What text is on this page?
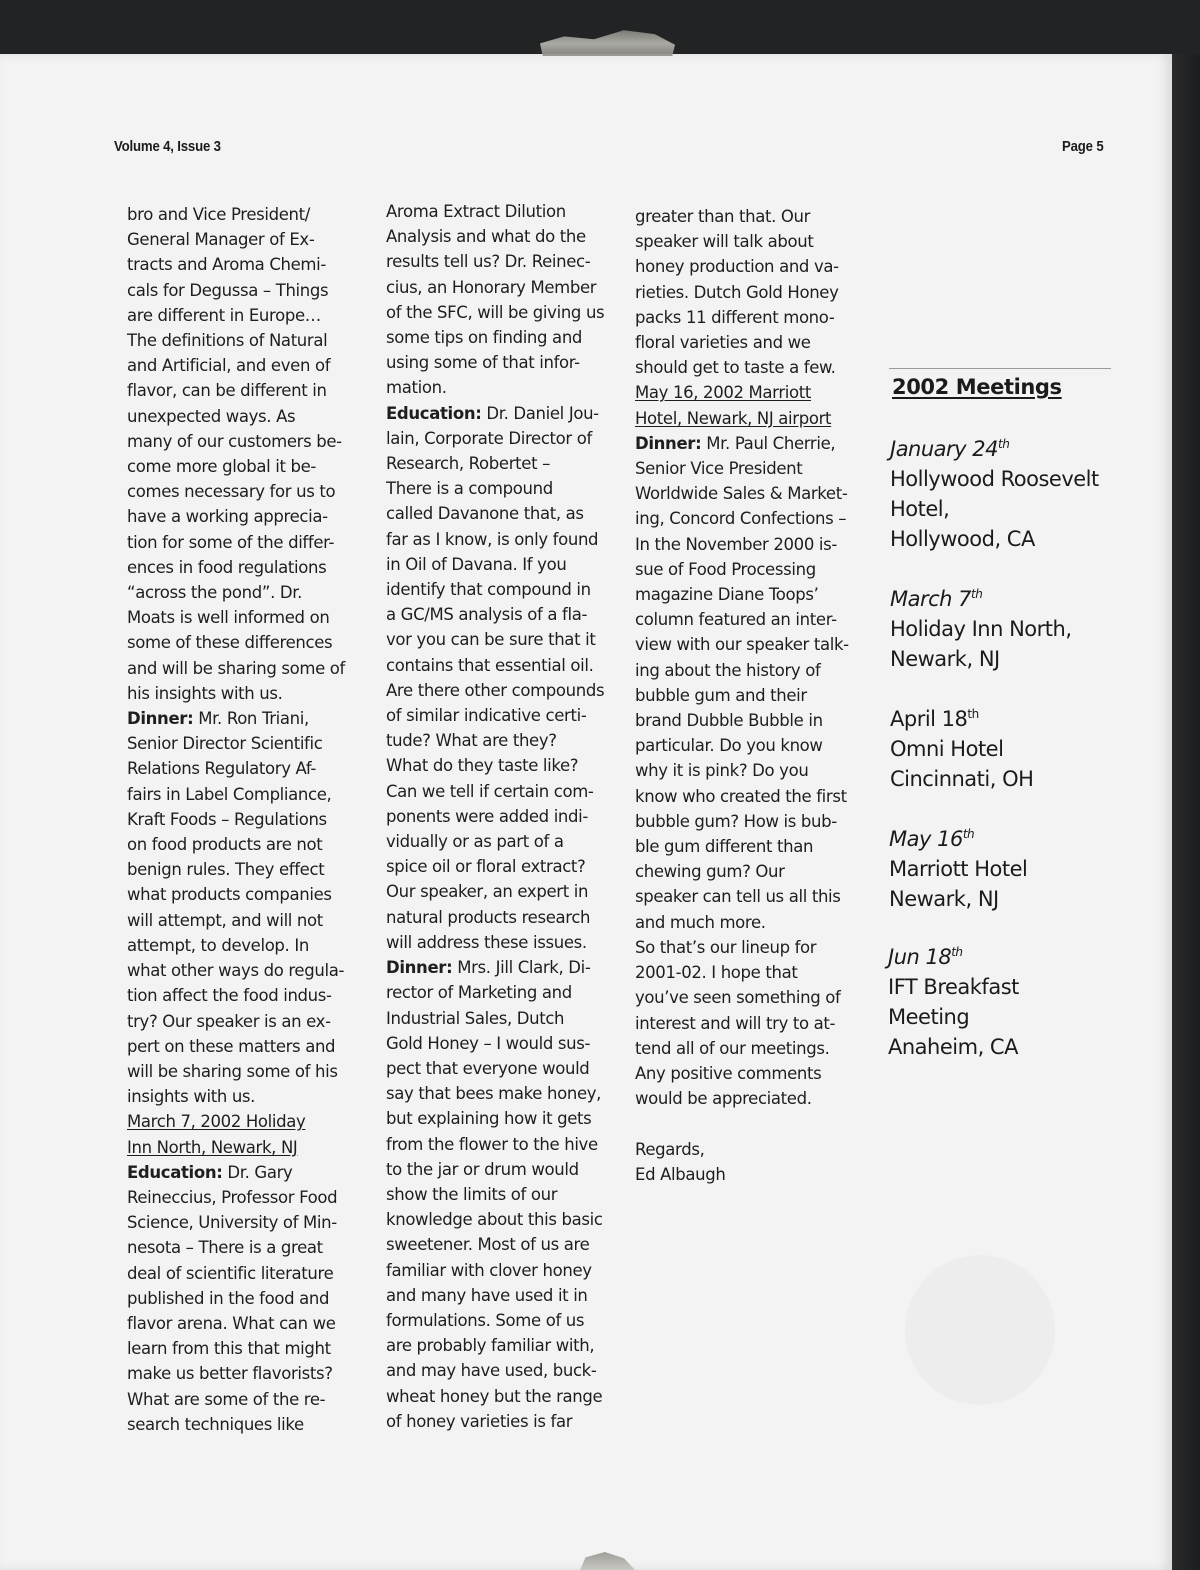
Volume 4, Issue 3	Page 5

bro and Vice President/

General Manager of Ex-

tracts and Aroma Chemi-

cals for Degussa – Things

are different in Europe…

The definitions of Natural

and Artificial, and even of

flavor, can be different in

unexpected ways. As

many of our customers be-

come more global it be-

comes necessary for us to

have a working apprecia-

tion for some of the differ-

ences in food regulations

“across the pond”. Dr.

Moats is well informed on

some of these differences

and will be sharing some of

his insights with us.

Dinner: Mr. Ron Triani,

Senior Director Scientific

Relations Regulatory Af-

fairs in Label Compliance,

Kraft Foods – Regulations

on food products are not

benign rules. They effect

what products companies

will attempt, and will not

attempt, to develop. In

what other ways do regula-

tion affect the food indus-

try? Our speaker is an ex-

pert on these matters and

will be sharing some of his

insights with us.

March 7, 2002 Holiday

Inn North, Newark, NJ

Education: Dr. Gary

Reineccius, Professor Food

Science, University of Min-

nesota – There is a great

deal of scientific literature

published in the food and

flavor arena. What can we

learn from this that might

make us better flavorists?

What are some of the re-

search techniques like

Aroma Extract Dilution

Analysis and what do the

results tell us? Dr. Reinec-

cius, an Honorary Member

of the SFC, will be giving us

some tips on finding and

using some of that infor-

mation.

Education: Dr. Daniel Jou-

lain, Corporate Director of

Research, Robertet –

There is a compound

called Davanone that, as

far as I know, is only found

in Oil of Davana. If you

identify that compound in

a GC/MS analysis of a fla-

vor you can be sure that it

contains that essential oil.

Are there other compounds

of similar indicative certi-

tude? What are they?

What do they taste like?

Can we tell if certain com-

ponents were added indi-

vidually or as part of a

spice oil or floral extract?

Our speaker, an expert in

natural products research

will address these issues.

Dinner: Mrs. Jill Clark, Di-

rector of Marketing and

Industrial Sales, Dutch

Gold Honey – I would sus-

pect that everyone would

say that bees make honey,

but explaining how it gets

from the flower to the hive

to the jar or drum would

show the limits of our

knowledge about this basic

sweetener. Most of us are

familiar with clover honey

and many have used it in

formulations. Some of us

are probably familiar with,

and may have used, buck-

wheat honey but the range

of honey varieties is far

greater than that. Our

speaker will talk about

honey production and va-

rieties. Dutch Gold Honey

packs 11 different mono-

floral varieties and we

should get to taste a few.

May 16, 2002 Marriott

Hotel, Newark, NJ airport

Dinner: Mr. Paul Cherrie,

Senior Vice President

Worldwide Sales & Market-

ing, Concord Confections –

In the November 2000 is-

sue of Food Processing

magazine Diane Toops’

column featured an inter-

view with our speaker talk-

ing about the history of

bubble gum and their

brand Dubble Bubble in

particular. Do you know

why it is pink? Do you

know who created the first

bubble gum? How is bub-

ble gum different than

chewing gum? Our

speaker can tell us all this

and much more.

So that’s our lineup for

2001-02. I hope that

you’ve seen something of

interest and will try to at-

tend all of our meetings.

Any positive comments

would be appreciated.

Regards,

Ed Albaugh

2002 Meetings
January 24th
Hollywood Roosevelt
Hotel,
Hollywood, CA
March 7th
Holiday Inn North,
Newark, NJ
April 18th
Omni Hotel
Cincinnati, OH
May 16th
Marriott Hotel
Newark, NJ
Jun 18th
IFT Breakfast
Meeting
Anaheim, CA
